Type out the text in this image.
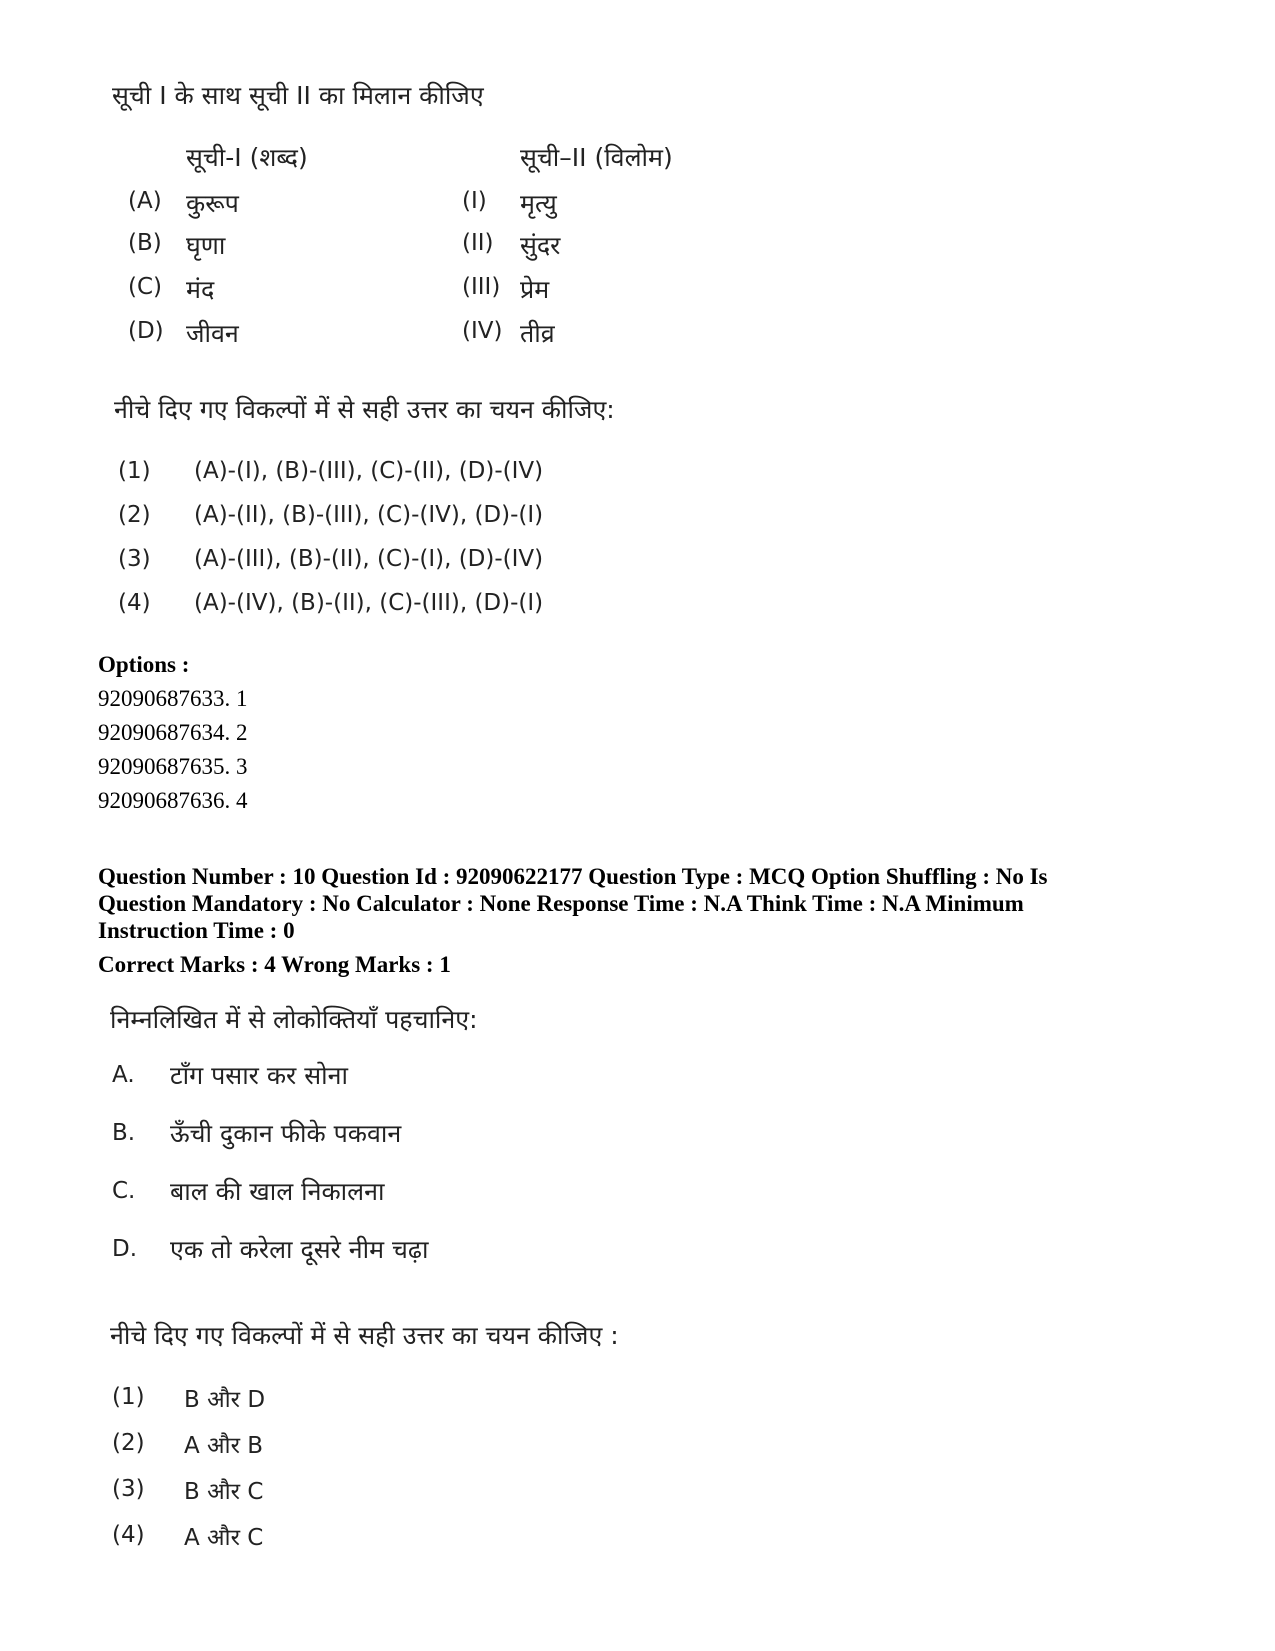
सूची I के साथ सूची II का मिलान कीजिए
सूची-I (शब्द)	सूची–II (विलोम)
(A) कुरूप	(I) मृत्यु
(B) घृणा	(II) सुंदर
(C) मंद	(III) प्रेम
(D) जीवन	(IV) तीव्र
नीचे दिए गए विकल्पों में से सही उत्तर का चयन कीजिए:
(1) (A)-(I), (B)-(III), (C)-(II), (D)-(IV)
(2) (A)-(II), (B)-(III), (C)-(IV), (D)-(I)
(3) (A)-(III), (B)-(II), (C)-(I), (D)-(IV)
(4) (A)-(IV), (B)-(II), (C)-(III), (D)-(I)
Options :
92090687633. 1
92090687634. 2
92090687635. 3
92090687636. 4
Question Number : 10 Question Id : 92090622177 Question Type : MCQ Option Shuffling : No Is
Question Mandatory : No Calculator : None Response Time : N.A Think Time : N.A Minimum
Instruction Time : 0
Correct Marks : 4 Wrong Marks : 1
निम्नलिखित में से लोकोक्तियाँ पहचानिए:
A. टाँग पसार कर सोना
B. ऊँची दुकान फीके पकवान
C. बाल की खाल निकालना
D. एक तो करेला दूसरे नीम चढ़ा
नीचे दिए गए विकल्पों में से सही उत्तर का चयन कीजिए :
(1) B और D
(2) A और B
(3) B और C
(4) A और C
